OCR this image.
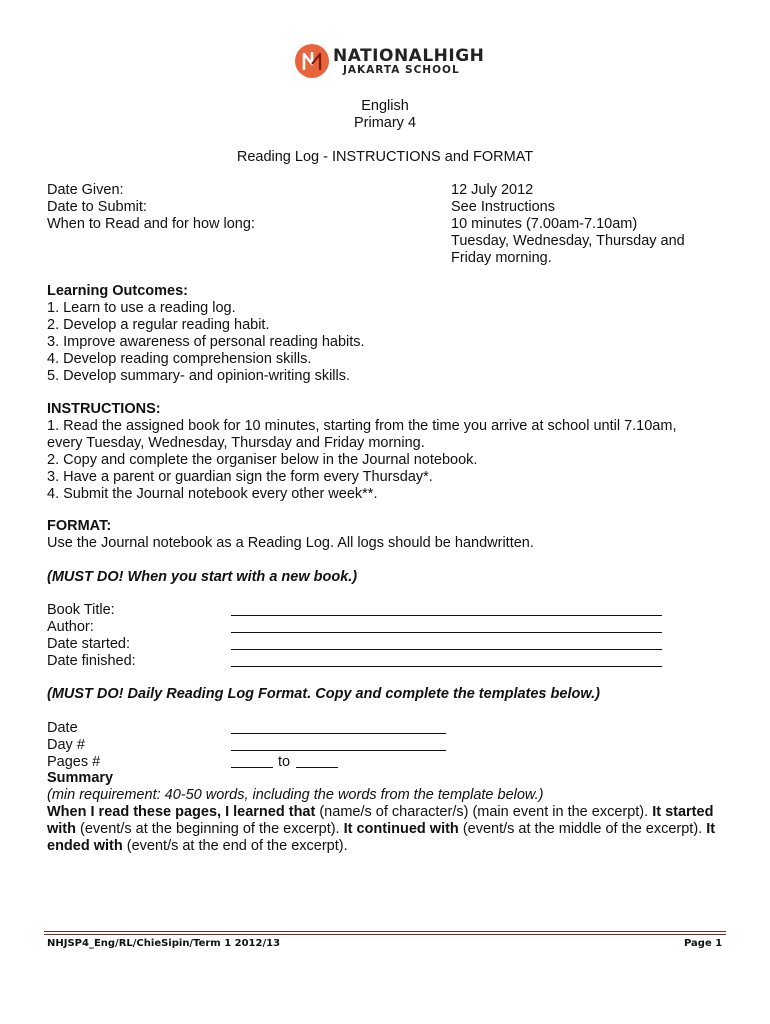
NATIONALHIGH
JAKARTA SCHOOL
English
Primary 4
Reading Log - INSTRUCTIONS and FORMAT
Date Given:	12 July 2012
Date to Submit:	See Instructions
When to Read and for how long:	10 minutes (7.00am-7.10am)
Tuesday, Wednesday, Thursday and
Friday morning.
Learning Outcomes:
1. Learn to use a reading log.
2. Develop a regular reading habit.
3. Improve awareness of personal reading habits.
4. Develop reading comprehension skills.
5. Develop summary- and opinion-writing skills.
INSTRUCTIONS:
1. Read the assigned book for 10 minutes, starting from the time you arrive at school until 7.10am,
every Tuesday, Wednesday, Thursday and Friday morning.
2. Copy and complete the organiser below in the Journal notebook.
3. Have a parent or guardian sign the form every Thursday*.
4. Submit the Journal notebook every other week**.
FORMAT:
Use the Journal notebook as a Reading Log. All logs should be handwritten.
(MUST DO! When you start with a new book.)
Book Title:
Author:
Date started:
Date finished:
(MUST DO! Daily Reading Log Format. Copy and complete the templates below.)
Date
Day #
Pages #	to
Summary
(min requirement: 40-50 words, including the words from the template below.)
When I read these pages, I learned that (name/s of character/s) (main event in the excerpt). It started with (event/s at the beginning of the excerpt). It continued with (event/s at the middle of the excerpt). It ended with (event/s at the end of the excerpt).
NHJSP4_Eng/RL/ChieSipin/Term 1 2012/13	Page 1
